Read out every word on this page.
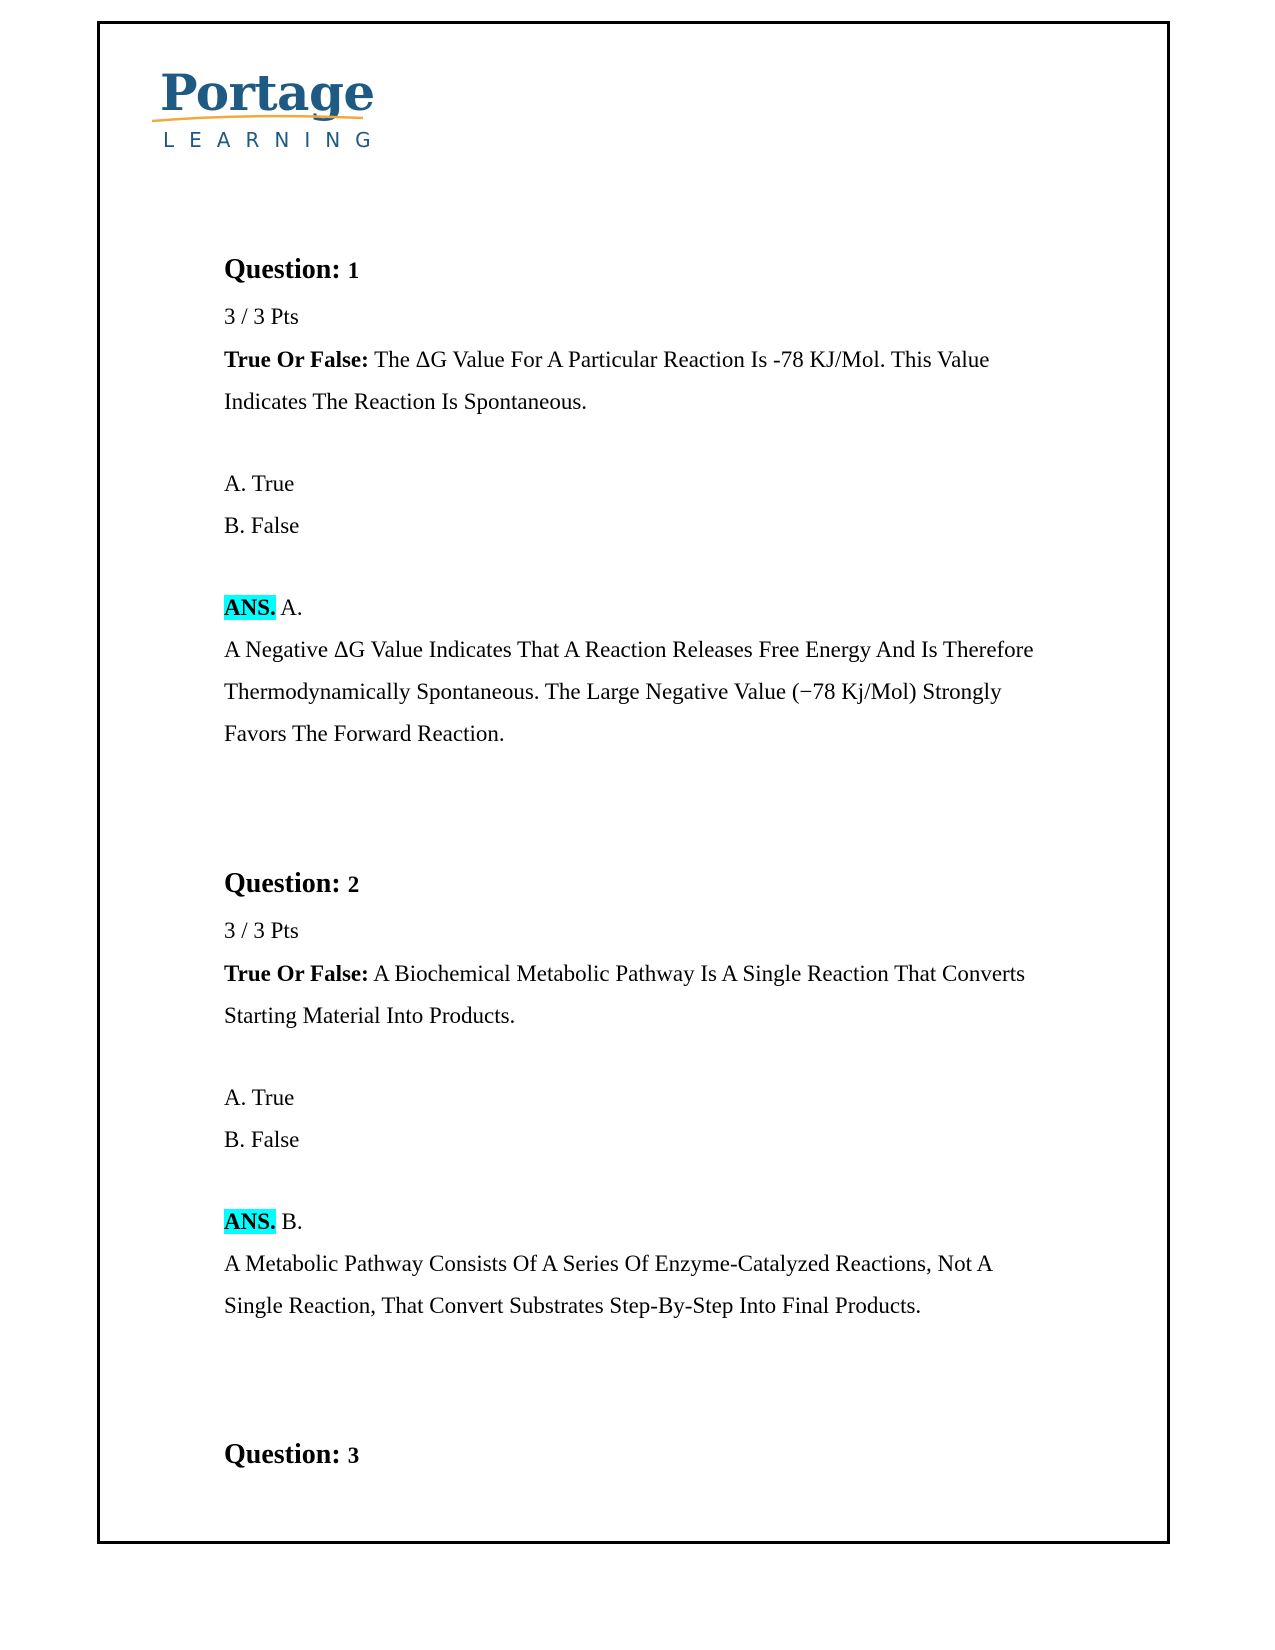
Portage
LEARNING
Question: 1
3 / 3 Pts
True Or False: The ΔG Value For A Particular Reaction Is -78 KJ/Mol. This Value
Indicates The Reaction Is Spontaneous.
A. True
B. False
ANS. A.
A Negative ΔG Value Indicates That A Reaction Releases Free Energy And Is Therefore
Thermodynamically Spontaneous. The Large Negative Value (−78 Kj/Mol) Strongly
Favors The Forward Reaction.
Question: 2
3 / 3 Pts
True Or False: A Biochemical Metabolic Pathway Is A Single Reaction That Converts
Starting Material Into Products.
A. True
B. False
ANS. B.
A Metabolic Pathway Consists Of A Series Of Enzyme-Catalyzed Reactions, Not A
Single Reaction, That Convert Substrates Step-By-Step Into Final Products.
Question: 3
